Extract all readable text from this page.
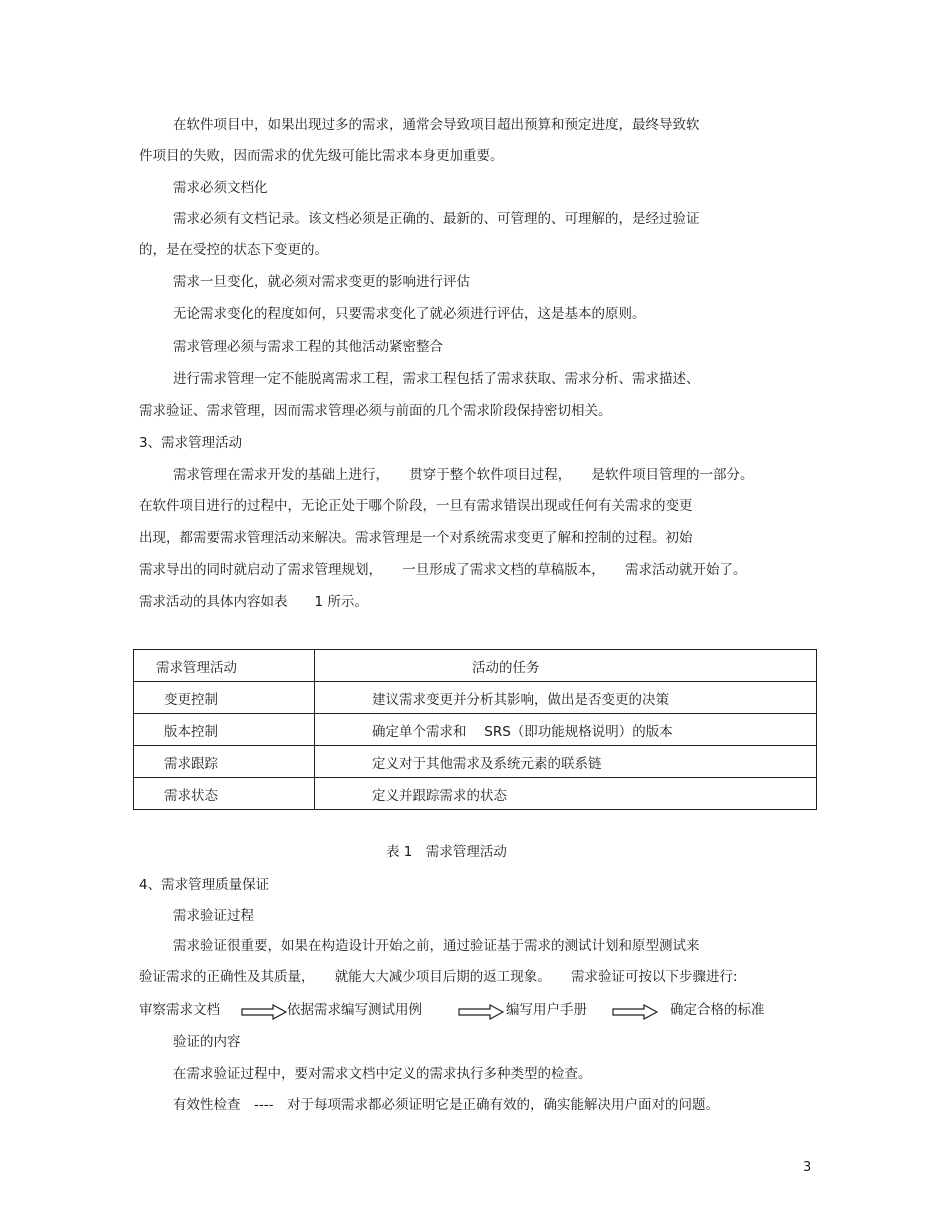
在软件项目中，如果出现过多的需求，通常会导致项目超出预算和预定进度，最终导致软
件项目的失败，因而需求的优先级可能比需求本身更加重要。
需求必须文档化
需求必须有文档记录。该文档必须是正确的、最新的、可管理的、可理解的，是经过验证
的，是在受控的状态下变更的。
需求一旦变化，就必须对需求变更的影响进行评估
无论需求变化的程度如何，只要需求变化了就必须进行评估，这是基本的原则。
需求管理必须与需求工程的其他活动紧密整合
进行需求管理一定不能脱离需求工程，需求工程包括了需求获取、需求分析、需求描述、
需求验证、需求管理，因而需求管理必须与前面的几个需求阶段保持密切相关。
3、需求管理活动
需求管理在需求开发的基础上进行，　　贯穿于整个软件项目过程，　　是软件项目管理的一部分。
在软件项目进行的过程中，无论正处于哪个阶段，一旦有需求错误出现或任何有关需求的变更
出现，都需要需求管理活动来解决。需求管理是一个对系统需求变更了解和控制的过程。初始
需求导出的同时就启动了需求管理规划，　　一旦形成了需求文档的草稿版本，　　需求活动就开始了。
需求活动的具体内容如表　　1 所示。
需求管理活动	活动的任务
变更控制	建议需求变更并分析其影响，做出是否变更的决策
版本控制	确定单个需求和　 SRS（即功能规格说明）的版本
需求跟踪	定义对于其他需求及系统元素的联系链
需求状态	定义并跟踪需求的状态
表 1　需求管理活动
4、需求管理质量保证
需求验证过程
需求验证很重要，如果在构造设计开始之前，通过验证基于需求的测试计划和原型测试来
验证需求的正确性及其质量，　　就能大大减少项目后期的返工现象。　　需求验证可按以下步骤进行:
审察需求文档	依据需求编写测试用例	编写用户手册	确定合格的标准
验证的内容
在需求验证过程中，要对需求文档中定义的需求执行多种类型的检查。
有效性检查　----　对于每项需求都必须证明它是正确有效的，确实能解决用户面对的问题。
3
